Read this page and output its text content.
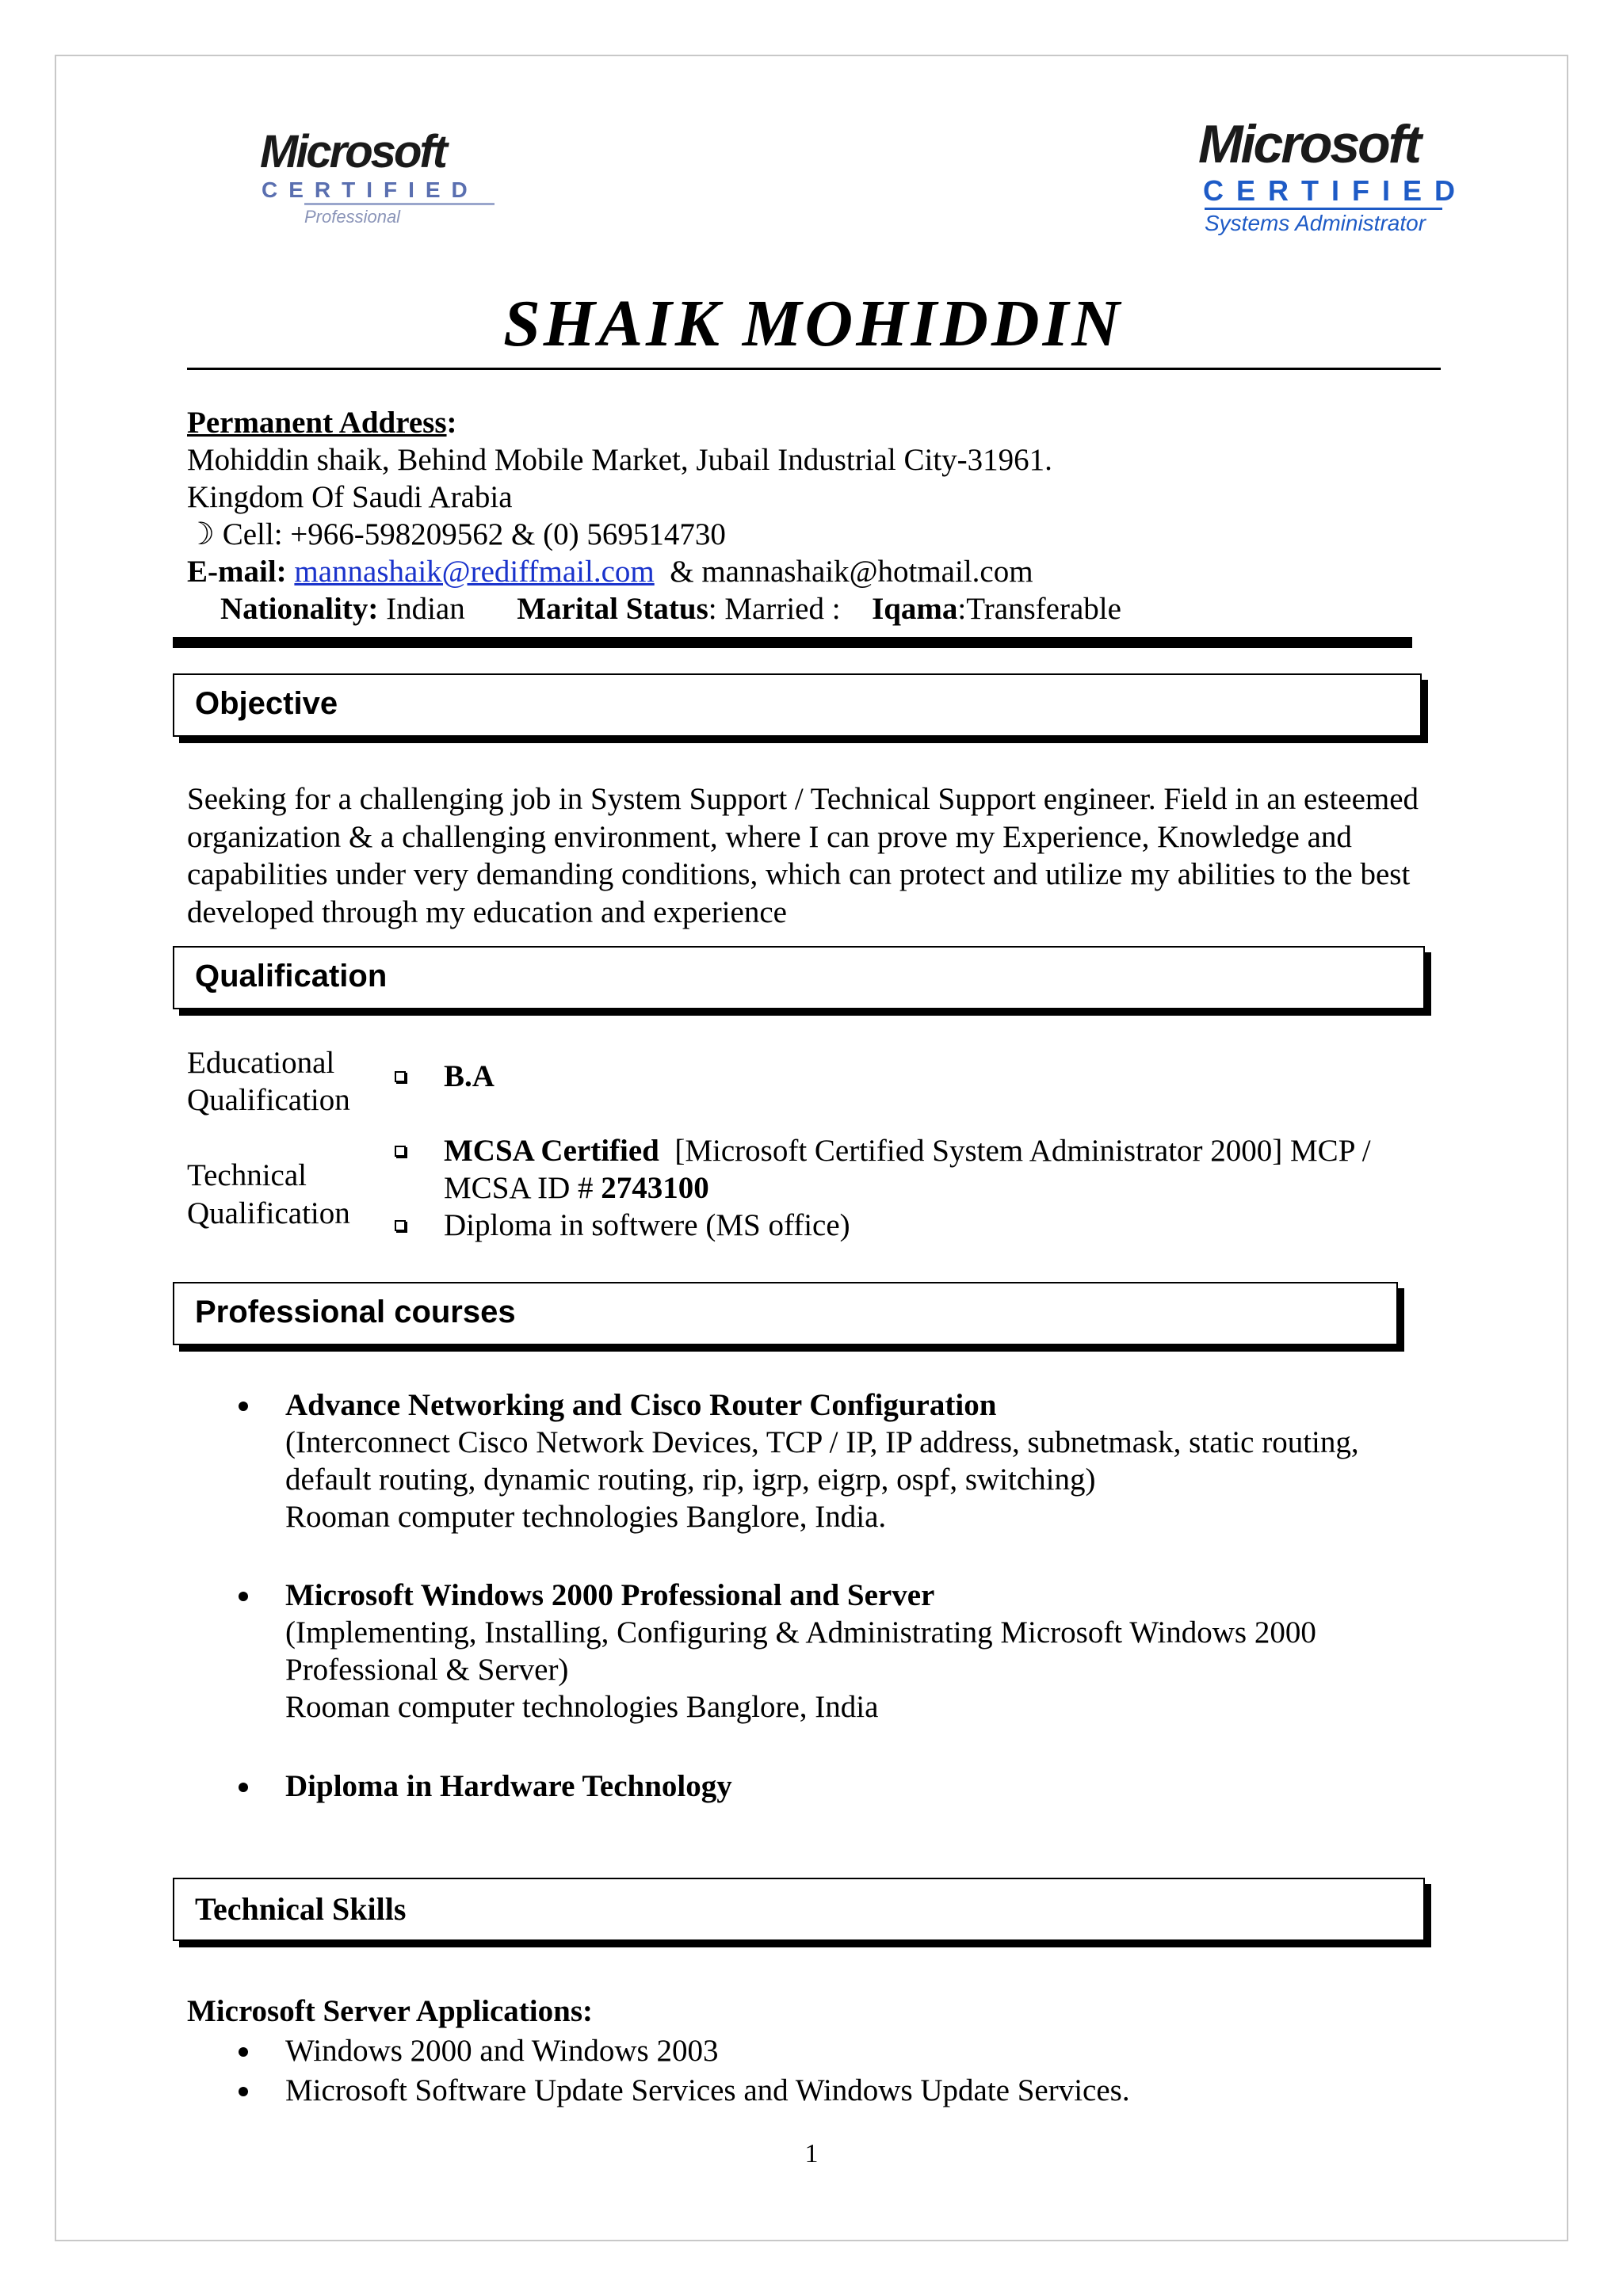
Microsoft
CERTIFIED
Professional
Microsoft
CERTIFIED
Systems Administrator
SHAIK MOHIDDIN
Permanent Address:
Mohiddin shaik, Behind Mobile Market, Jubail Industrial City-31961.
Kingdom Of Saudi Arabia
☽ Cell: +966-598209562 & (0) 569514730
E-mail: mannashaik@rediffmail.com & mannashaik@hotmail.com
Nationality: Indian Marital Status: Married : Iqama:Transferable
Objective
Seeking for a challenging job in System Support / Technical Support engineer. Field in an esteemed organization & a challenging environment, where I can prove my Experience, Knowledge and capabilities under very demanding conditions, which can protect and utilize my abilities to the best developed through my education and experience
Qualification
Educational
Qualification
B.A
Technical
Qualification
MCSA Certified [Microsoft Certified System Administrator 2000] MCP /
MCSA ID # 2743100
Diploma in softwere (MS office)
Professional courses
Advance Networking and Cisco Router Configuration
(Interconnect Cisco Network Devices, TCP / IP, IP address, subnetmask, static routing,
default routing, dynamic routing, rip, igrp, eigrp, ospf, switching)
Rooman computer technologies Banglore, India.
Microsoft Windows 2000 Professional and Server
(Implementing, Installing, Configuring & Administrating Microsoft Windows 2000
Professional & Server)
Rooman computer technologies Banglore, India
Diploma in Hardware Technology
Technical Skills
Microsoft Server Applications:
Windows 2000 and Windows 2003
Microsoft Software Update Services and Windows Update Services.
1
